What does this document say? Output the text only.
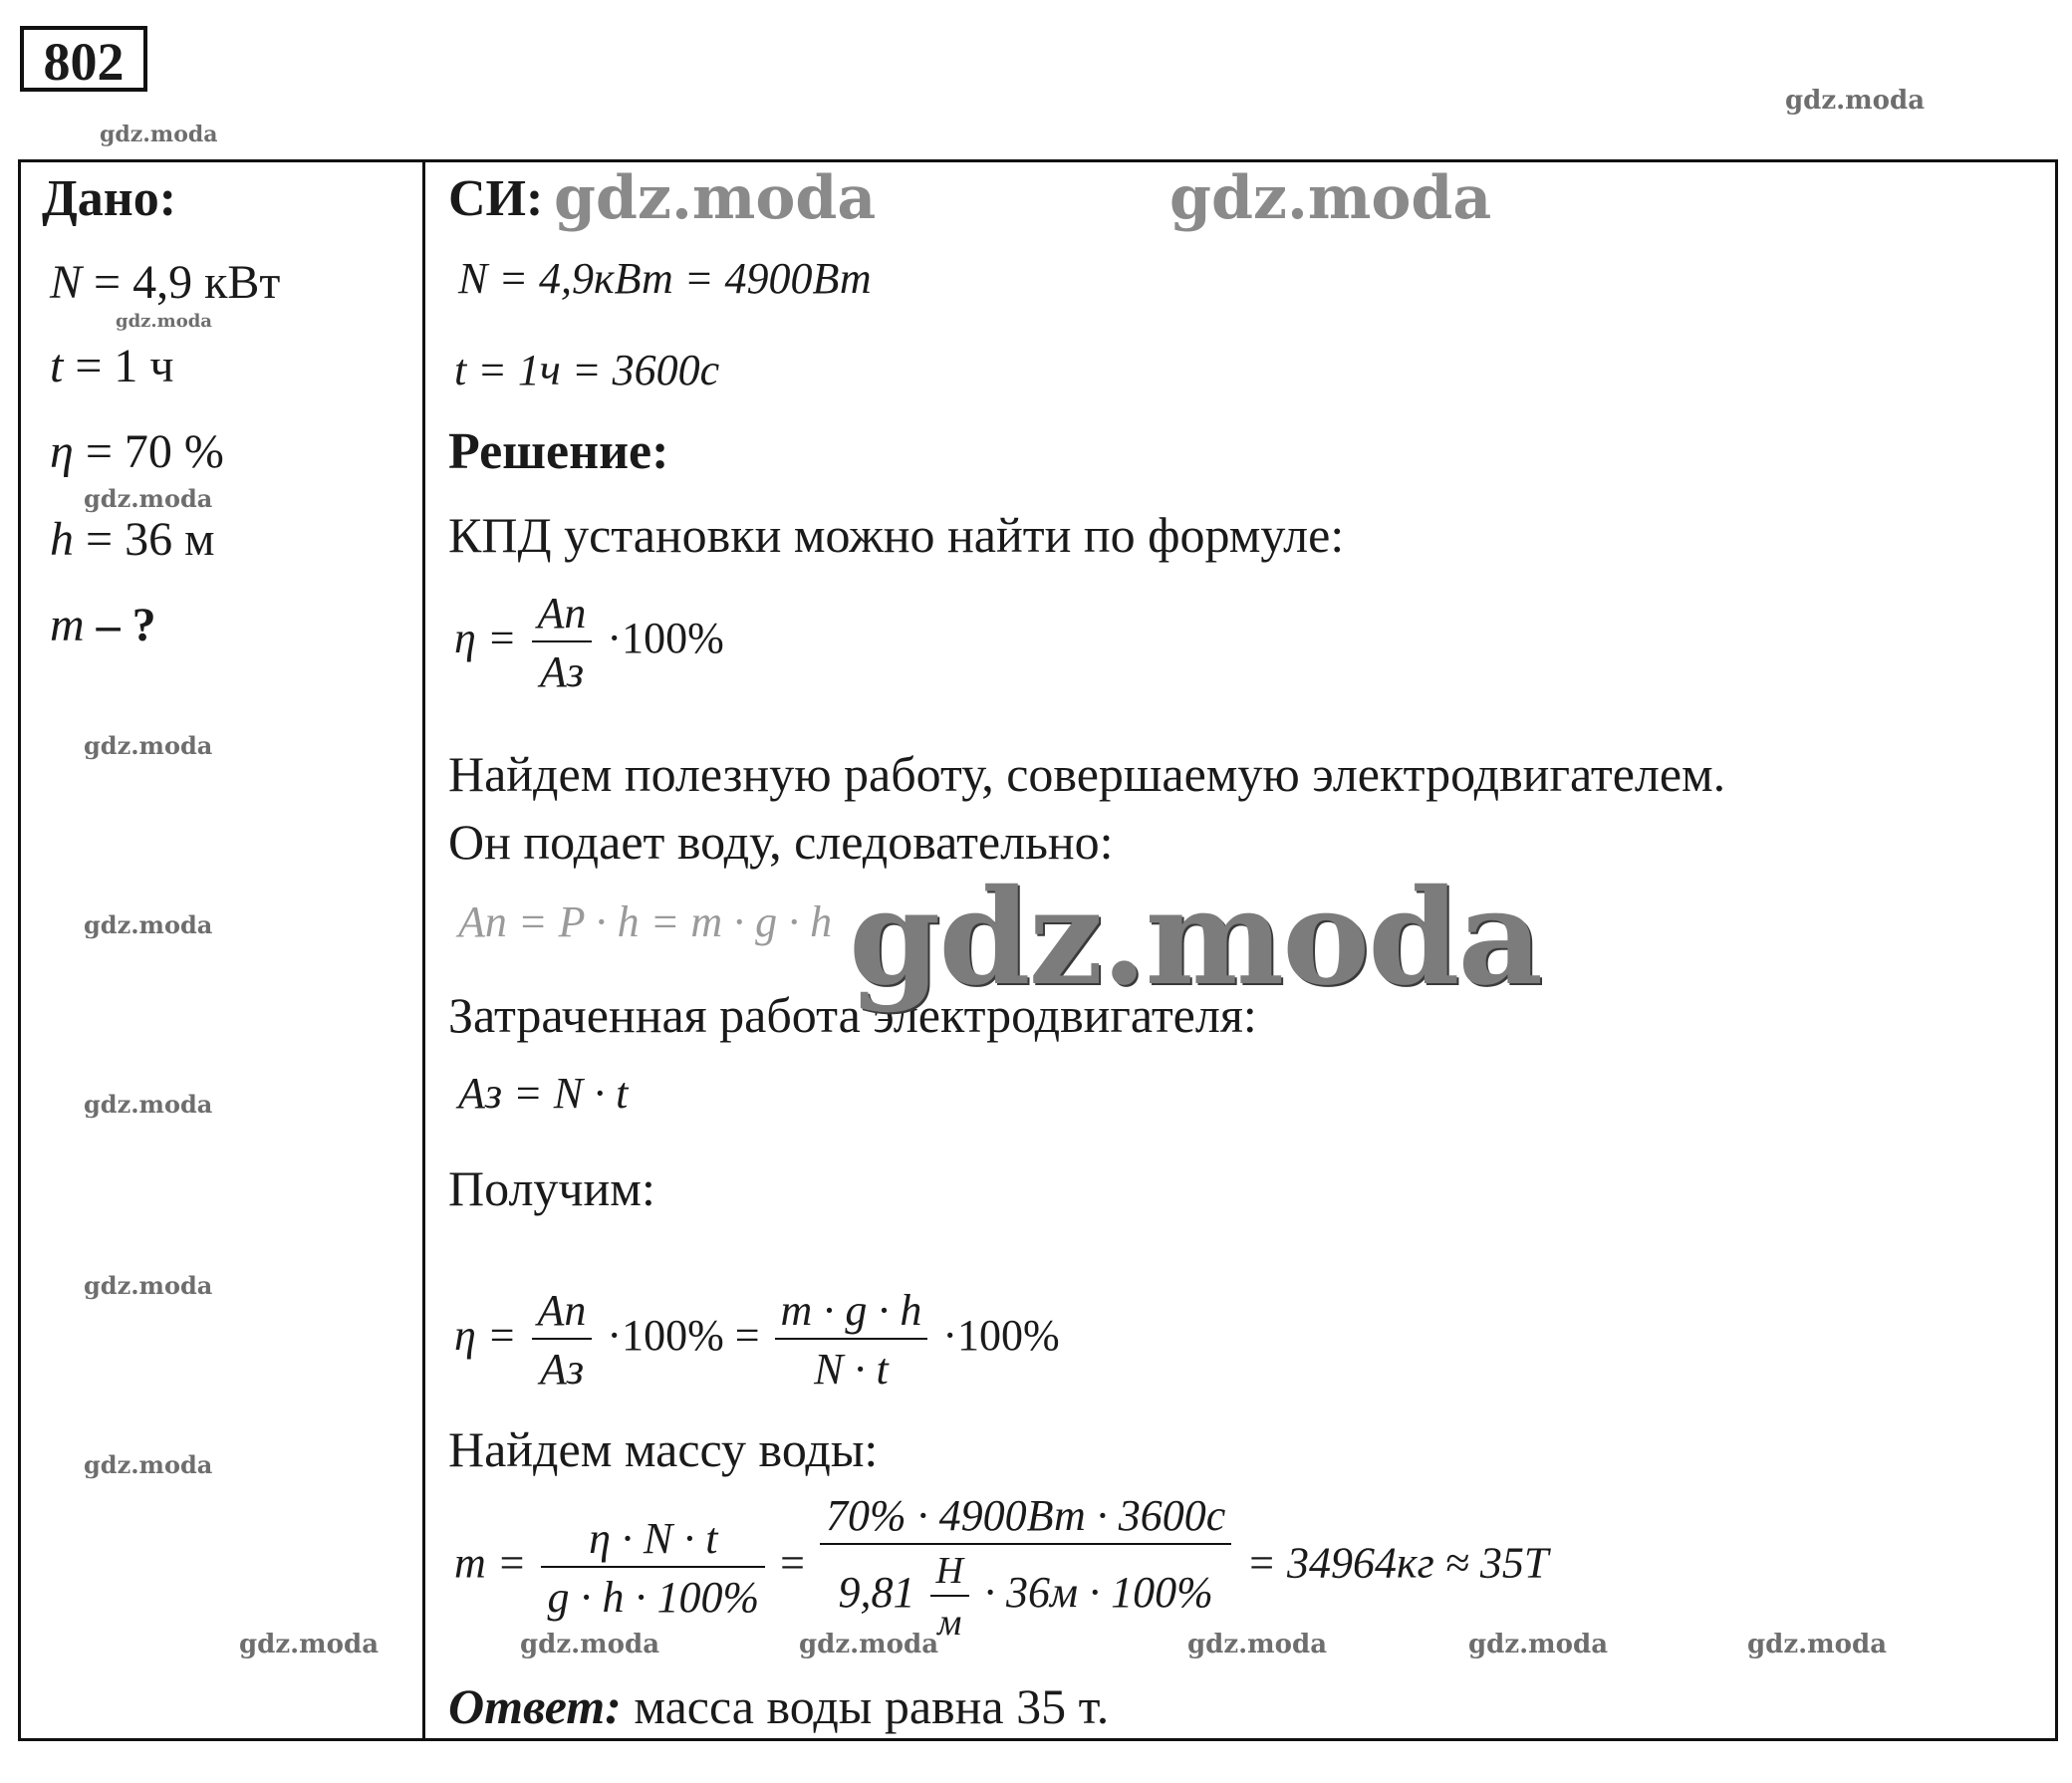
802
Дано:
N = 4,9 кВт
t = 1 ч
η = 70 %
h = 36 м
m – ?
СИ:
N = 4,9кВт = 4900Вт
t = 1ч = 3600с
Решение:
КПД установки можно найти по формуле:
$\eta = \frac{Aп}{Aз} \cdot 100\%$
Найдем полезную работу, совершаемую электродвигателем.
Он подает воду, следовательно:
Aп = P · h = m · g · h
Затраченная работа электродвигателя:
Aз = N · t
Получим:
$\eta = \frac{Aп}{Aз} \cdot 100\% = \frac{m \cdot g \cdot h}{N \cdot t} \cdot 100\%$
Найдем массу воды:
$m = \frac{\eta \cdot N \cdot t}{g \cdot h \cdot 100\%} = \frac{70\% \cdot 4900Вт \cdot 3600с}{9,81 \frac{Н}{м} \cdot 36м \cdot 100\%} = 34964кг \approx 35Т$
Ответ: масса воды равна 35 т.
gdz.moda
gdz.moda
gdz.moda	gdz.moda
gdz.moda
gdz.moda
gdz.moda
gdz.moda
gdz.moda
gdz.moda
gdz.moda
gdz.moda
gdz.moda	gdz.moda	gdz.moda	gdz.moda	gdz.moda	gdz.moda
